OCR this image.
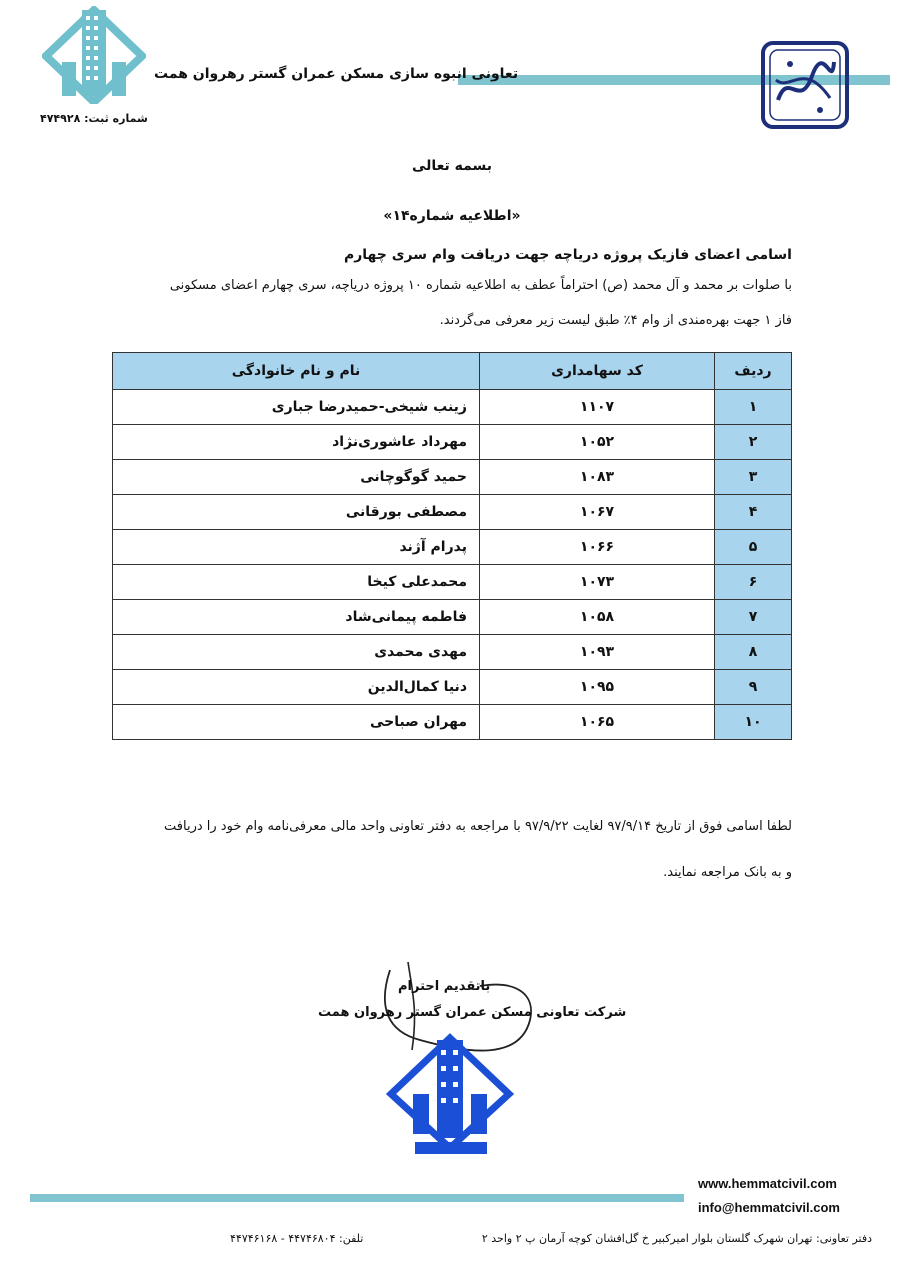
شماره ثبت: ۴۷۴۹۲۸
تعاونی انبوه سازی مسکن عمران گستر رهروان همت
بسمه تعالی
«اطلاعیه شماره۱۴»
اسامی اعضای فازیک پروژه دریاچه جهت دریافت وام سری چهارم
با صلوات بر محمد و آل محمد (ص) احتراماً عطف به اطلاعیه شماره ۱۰ پروژه دریاچه، سری چهارم اعضای مسکونی
فاز ۱ جهت بهره‌مندی از وام ۴٪ طبق لیست زیر معرفی می‌گردند.
ردیف	کد سهامداری	نام و نام خانوادگی
۱	۱۱۰۷	زینب شیخی-حمیدرضا جباری
۲	۱۰۵۲	مهرداد عاشوری‌نژاد
۳	۱۰۸۳	حمید گوگوچانی
۴	۱۰۶۷	مصطفی بورقانی
۵	۱۰۶۶	پدرام آژند
۶	۱۰۷۳	محمدعلی کیخا
۷	۱۰۵۸	فاطمه پیمانی‌شاد
۸	۱۰۹۳	مهدی محمدی
۹	۱۰۹۵	دنیا کمال‌الدین
۱۰	۱۰۶۵	مهران صباحی
لطفا اسامی فوق از تاریخ ۹۷/۹/۱۴ لغایت ۹۷/۹/۲۲ با مراجعه به دفتر تعاونی واحد مالی معرفی‌نامه وام خود را دریافت
و به بانک مراجعه نمایند.
باتقدیم احترام
شرکت تعاونی مسکن عمران گستر رهروان همت
www.hemmatcivil.com
info@hemmatcivil.com
دفتر تعاونی: تهران شهرک گلستان بلوار امیرکبیر خ گل‌افشان کوچه آرمان پ ۲ واحد ۲
تلفن: ۴۴۷۴۶۸۰۴ - ۴۴۷۴۶۱۶۸
